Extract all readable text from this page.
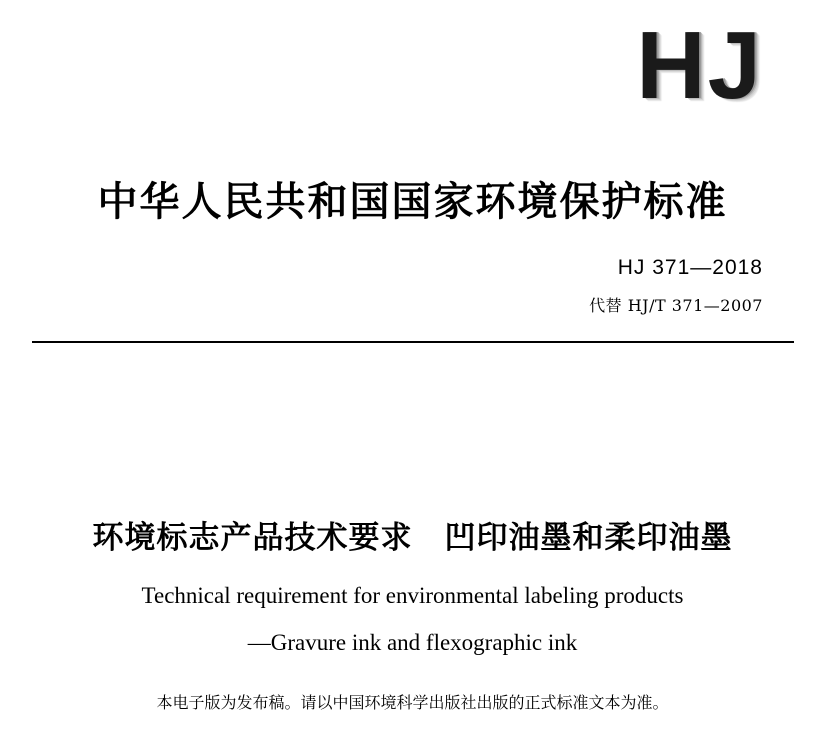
HJ
中华人民共和国国家环境保护标准
HJ 371—2018
代替 HJ/T 371—2007
环境标志产品技术要求　凹印油墨和柔印油墨
Technical requirement for environmental labeling products
—Gravure ink and flexographic ink
本电子版为发布稿。请以中国环境科学出版社出版的正式标准文本为准。
